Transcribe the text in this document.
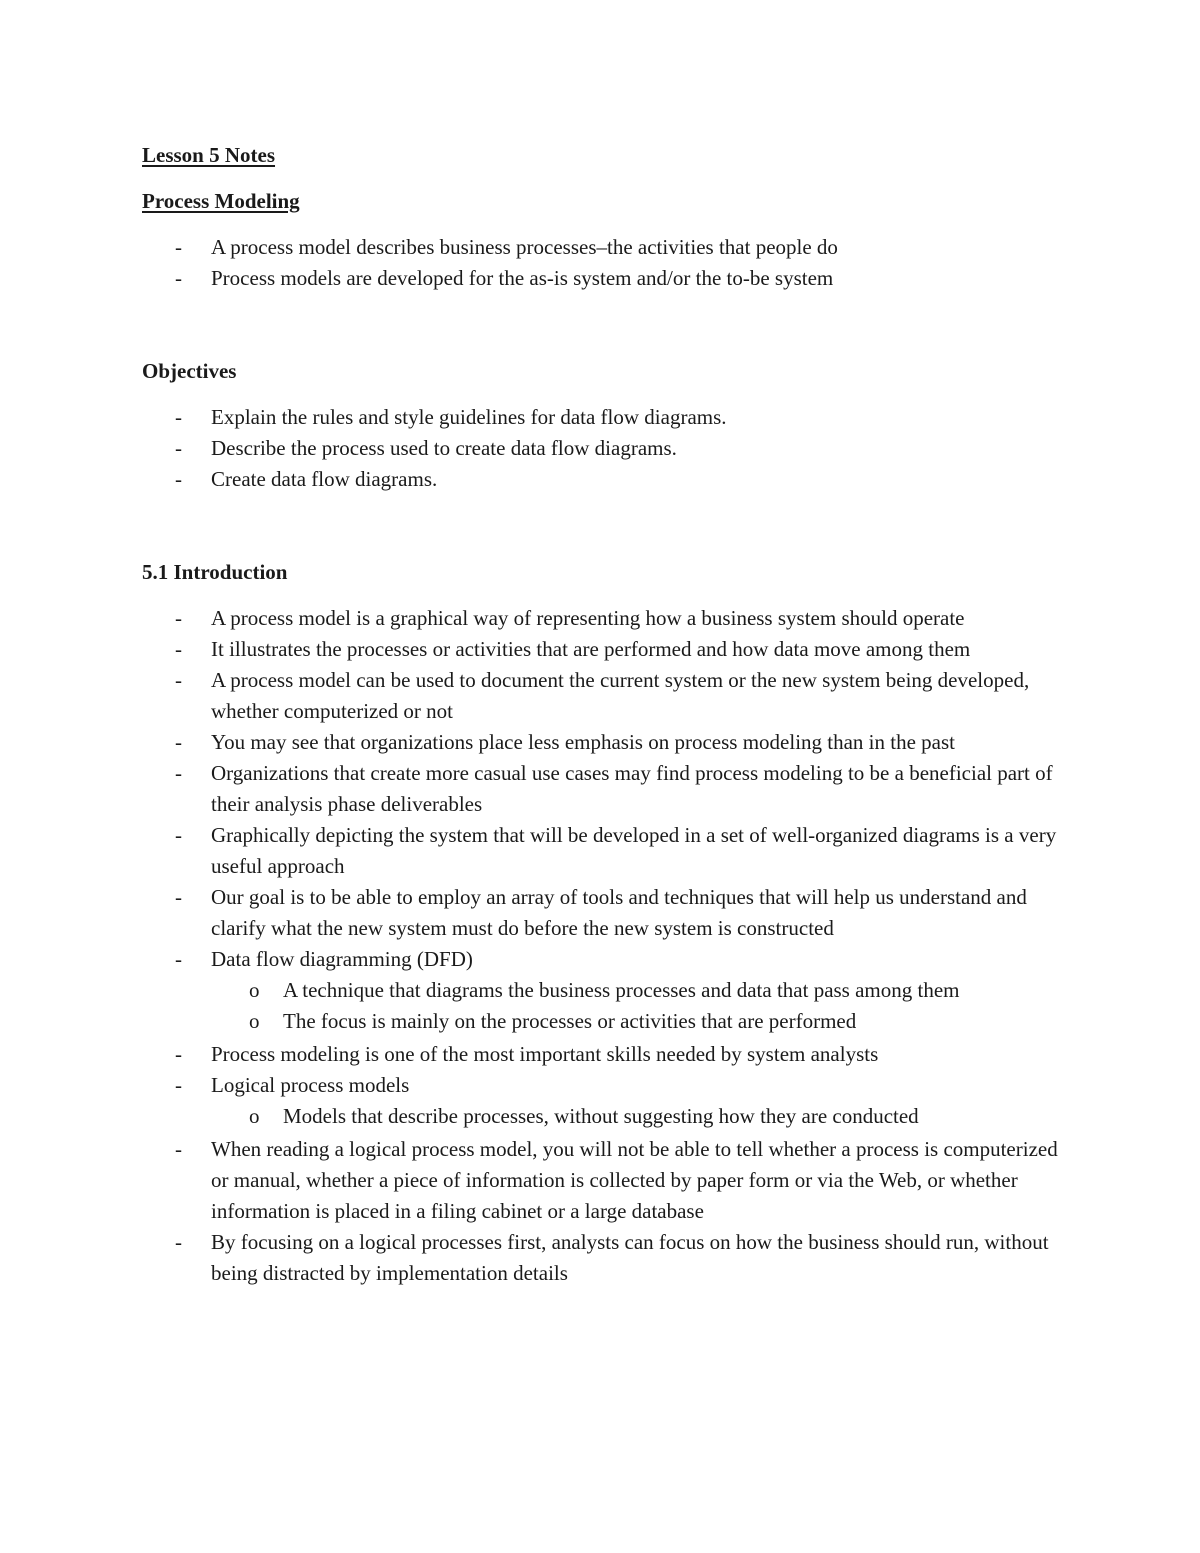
Lesson 5 Notes
Process Modeling
- A process model describes business processes–the activities that people do
- Process models are developed for the as-is system and/or the to-be system
Objectives
- Explain the rules and style guidelines for data flow diagrams.
- Describe the process used to create data flow diagrams.
- Create data flow diagrams.
5.1 Introduction
- A process model is a graphical way of representing how a business system should operate
- It illustrates the processes or activities that are performed and how data move among them
- A process model can be used to document the current system or the new system being developed, whether computerized or not
- You may see that organizations place less emphasis on process modeling than in the past
- Organizations that create more casual use cases may find process modeling to be a beneficial part of their analysis phase deliverables
- Graphically depicting the system that will be developed in a set of well-organized diagrams is a very useful approach
- Our goal is to be able to employ an array of tools and techniques that will help us understand and clarify what the new system must do before the new system is constructed
- Data flow diagramming (DFD)
o A technique that diagrams the business processes and data that pass among them
o The focus is mainly on the processes or activities that are performed
- Process modeling is one of the most important skills needed by system analysts
- Logical process models
o Models that describe processes, without suggesting how they are conducted
- When reading a logical process model, you will not be able to tell whether a process is computerized or manual, whether a piece of information is collected by paper form or via the Web, or whether information is placed in a filing cabinet or a large database
- By focusing on a logical processes first, analysts can focus on how the business should run, without being distracted by implementation details
